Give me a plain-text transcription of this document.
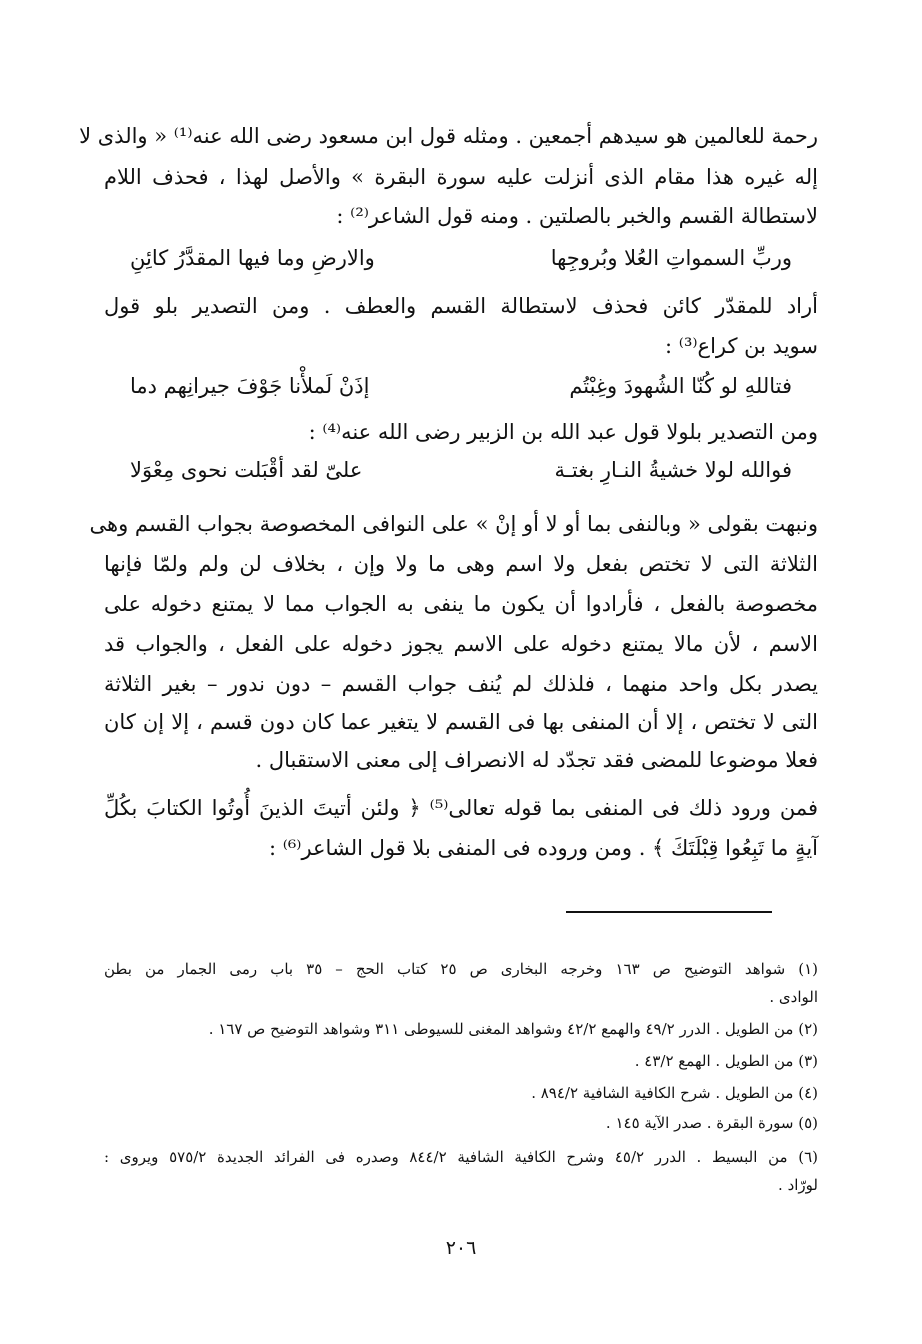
رحمة للعالمين هو سيدهم أجمعين . ومثله قول ابن مسعود رضى الله عنه⁽¹⁾ « والذى لا
إله غيره هذا مقام الذى أنزلت عليه سورة البقرة » والأصل لهذا ، فحذف اللام
لاستطالة القسم والخبر بالصلتين . ومنه قول الشاعر⁽²⁾ :
وربِّ السمواتِ العُلا وبُروجِها
والارضِ وما فيها المقدَّرُ كائِنِ
أراد للمقدّر كائن فحذف لاستطالة القسم والعطف . ومن التصدير بلو قول
سويد بن كراع⁽³⁾ :
فتاللهِ لو كُنّا الشُهودَ وغِبْتُم
إذَنْ لَملأْنا جَوْفَ جيرانِهم دما
ومن التصدير بلولا قول عبد الله بن الزبير رضى الله عنه⁽⁴⁾ :
فوالله لولا خشيةُ النـارِ بغتـة
علىّ لقد أقْبَلت نحوى مِعْوَلا
ونبهت بقولى « وبالنفى بما أو لا أو إنْ » على النوافى المخصوصة بجواب القسم وهى
الثلاثة التى لا تختص بفعل ولا اسم وهى ما ولا وإن ، بخلاف لن ولم ولمّا فإنها
مخصوصة بالفعل ، فأرادوا أن يكون ما ينفى به الجواب مما لا يمتنع دخوله على
الاسم ، لأن مالا يمتنع دخوله على الاسم يجوز دخوله على الفعل ، والجواب قد
يصدر بكل واحد منهما ، فلذلك لم يُنف جواب القسم – دون ندور – بغير الثلاثة
التى لا تختص ، إلا أن المنفى بها فى القسم لا يتغير عما كان دون قسم ، إلا إن كان
فعلا موضوعا للمضى فقد تجدّد له الانصراف إلى معنى الاستقبال .
فمن ورود ذلك فى المنفى بما قوله تعالى⁽⁵⁾ ﴿ ولئن أتيتَ الذينَ أُوتُوا الكتابَ بكُلِّ
آيةٍ ما تَبِعُوا قِبْلَتَكَ ﴾ . ومن وروده فى المنفى بلا قول الشاعر⁽⁶⁾ :
(١) شواهد التوضيح ص ١٦٣ وخرجه البخارى ص ٢٥ كتاب الحج – ٣٥ باب رمى الجمار من بطن
الوادى .
(٢) من الطويل . الدرر ٤٩/٢ والهمع ٤٢/٢ وشواهد المغنى للسيوطى ٣١١ وشواهد التوضيح ص ١٦٧ .
(٣) من الطويل . الهمع ٤٣/٢ .
(٤) من الطويل . شرح الكافية الشافية ٨٩٤/٢ .
(٥) سورة البقرة . صدر الآية ١٤٥ .
(٦) من البسيط . الدرر ٤٥/٢ وشرح الكافية الشافية ٨٤٤/٢ وصدره فى الفرائد الجديدة ٥٧٥/٢ ويروى :
لورّاد .
٢٠٦
